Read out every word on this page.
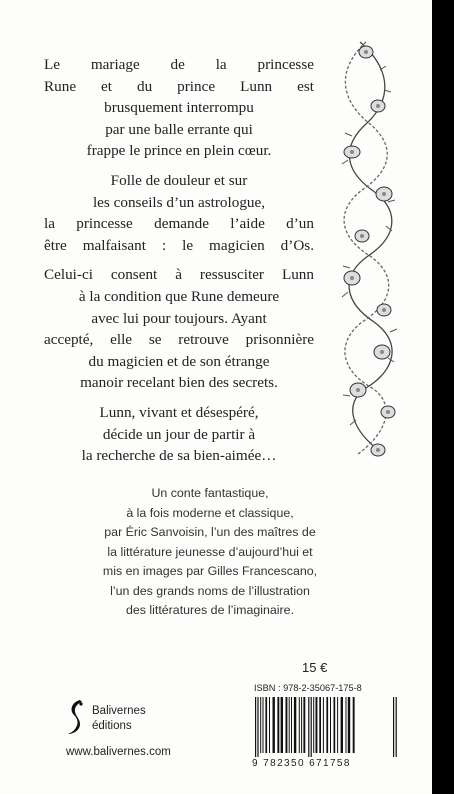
Le mariage de la princesse
Rune et du prince Lunn est
brusquement interrompu
par une balle errante qui
frappe le prince en plein cœur.

Folle de douleur et sur
les conseils d’un astrologue,
la princesse demande l’aide d’un
être malfaisant : le magicien d’Os.

Celui-ci consent à ressusciter Lunn
à la condition que Rune demeure
avec lui pour toujours. Ayant
accepté, elle se retrouve prisonnière
du magicien et de son étrange
manoir recelant bien des secrets.

Lunn, vivant et désespéré,
décide un jour de partir à
la recherche de sa bien-aimée…

Un conte fantastique,
à la fois moderne et classique,
par Éric Sanvoisin, l’un des maîtres de
la littérature jeunesse d’aujourd’hui et
mis en images par Gilles Francescano,
l’un des grands noms de l’illustration
des littératures de l’imaginaire.
Balivernes
éditions
www.balivernes.com
15 €
ISBN : 978-2-35067-175-8
9 782350 671758
